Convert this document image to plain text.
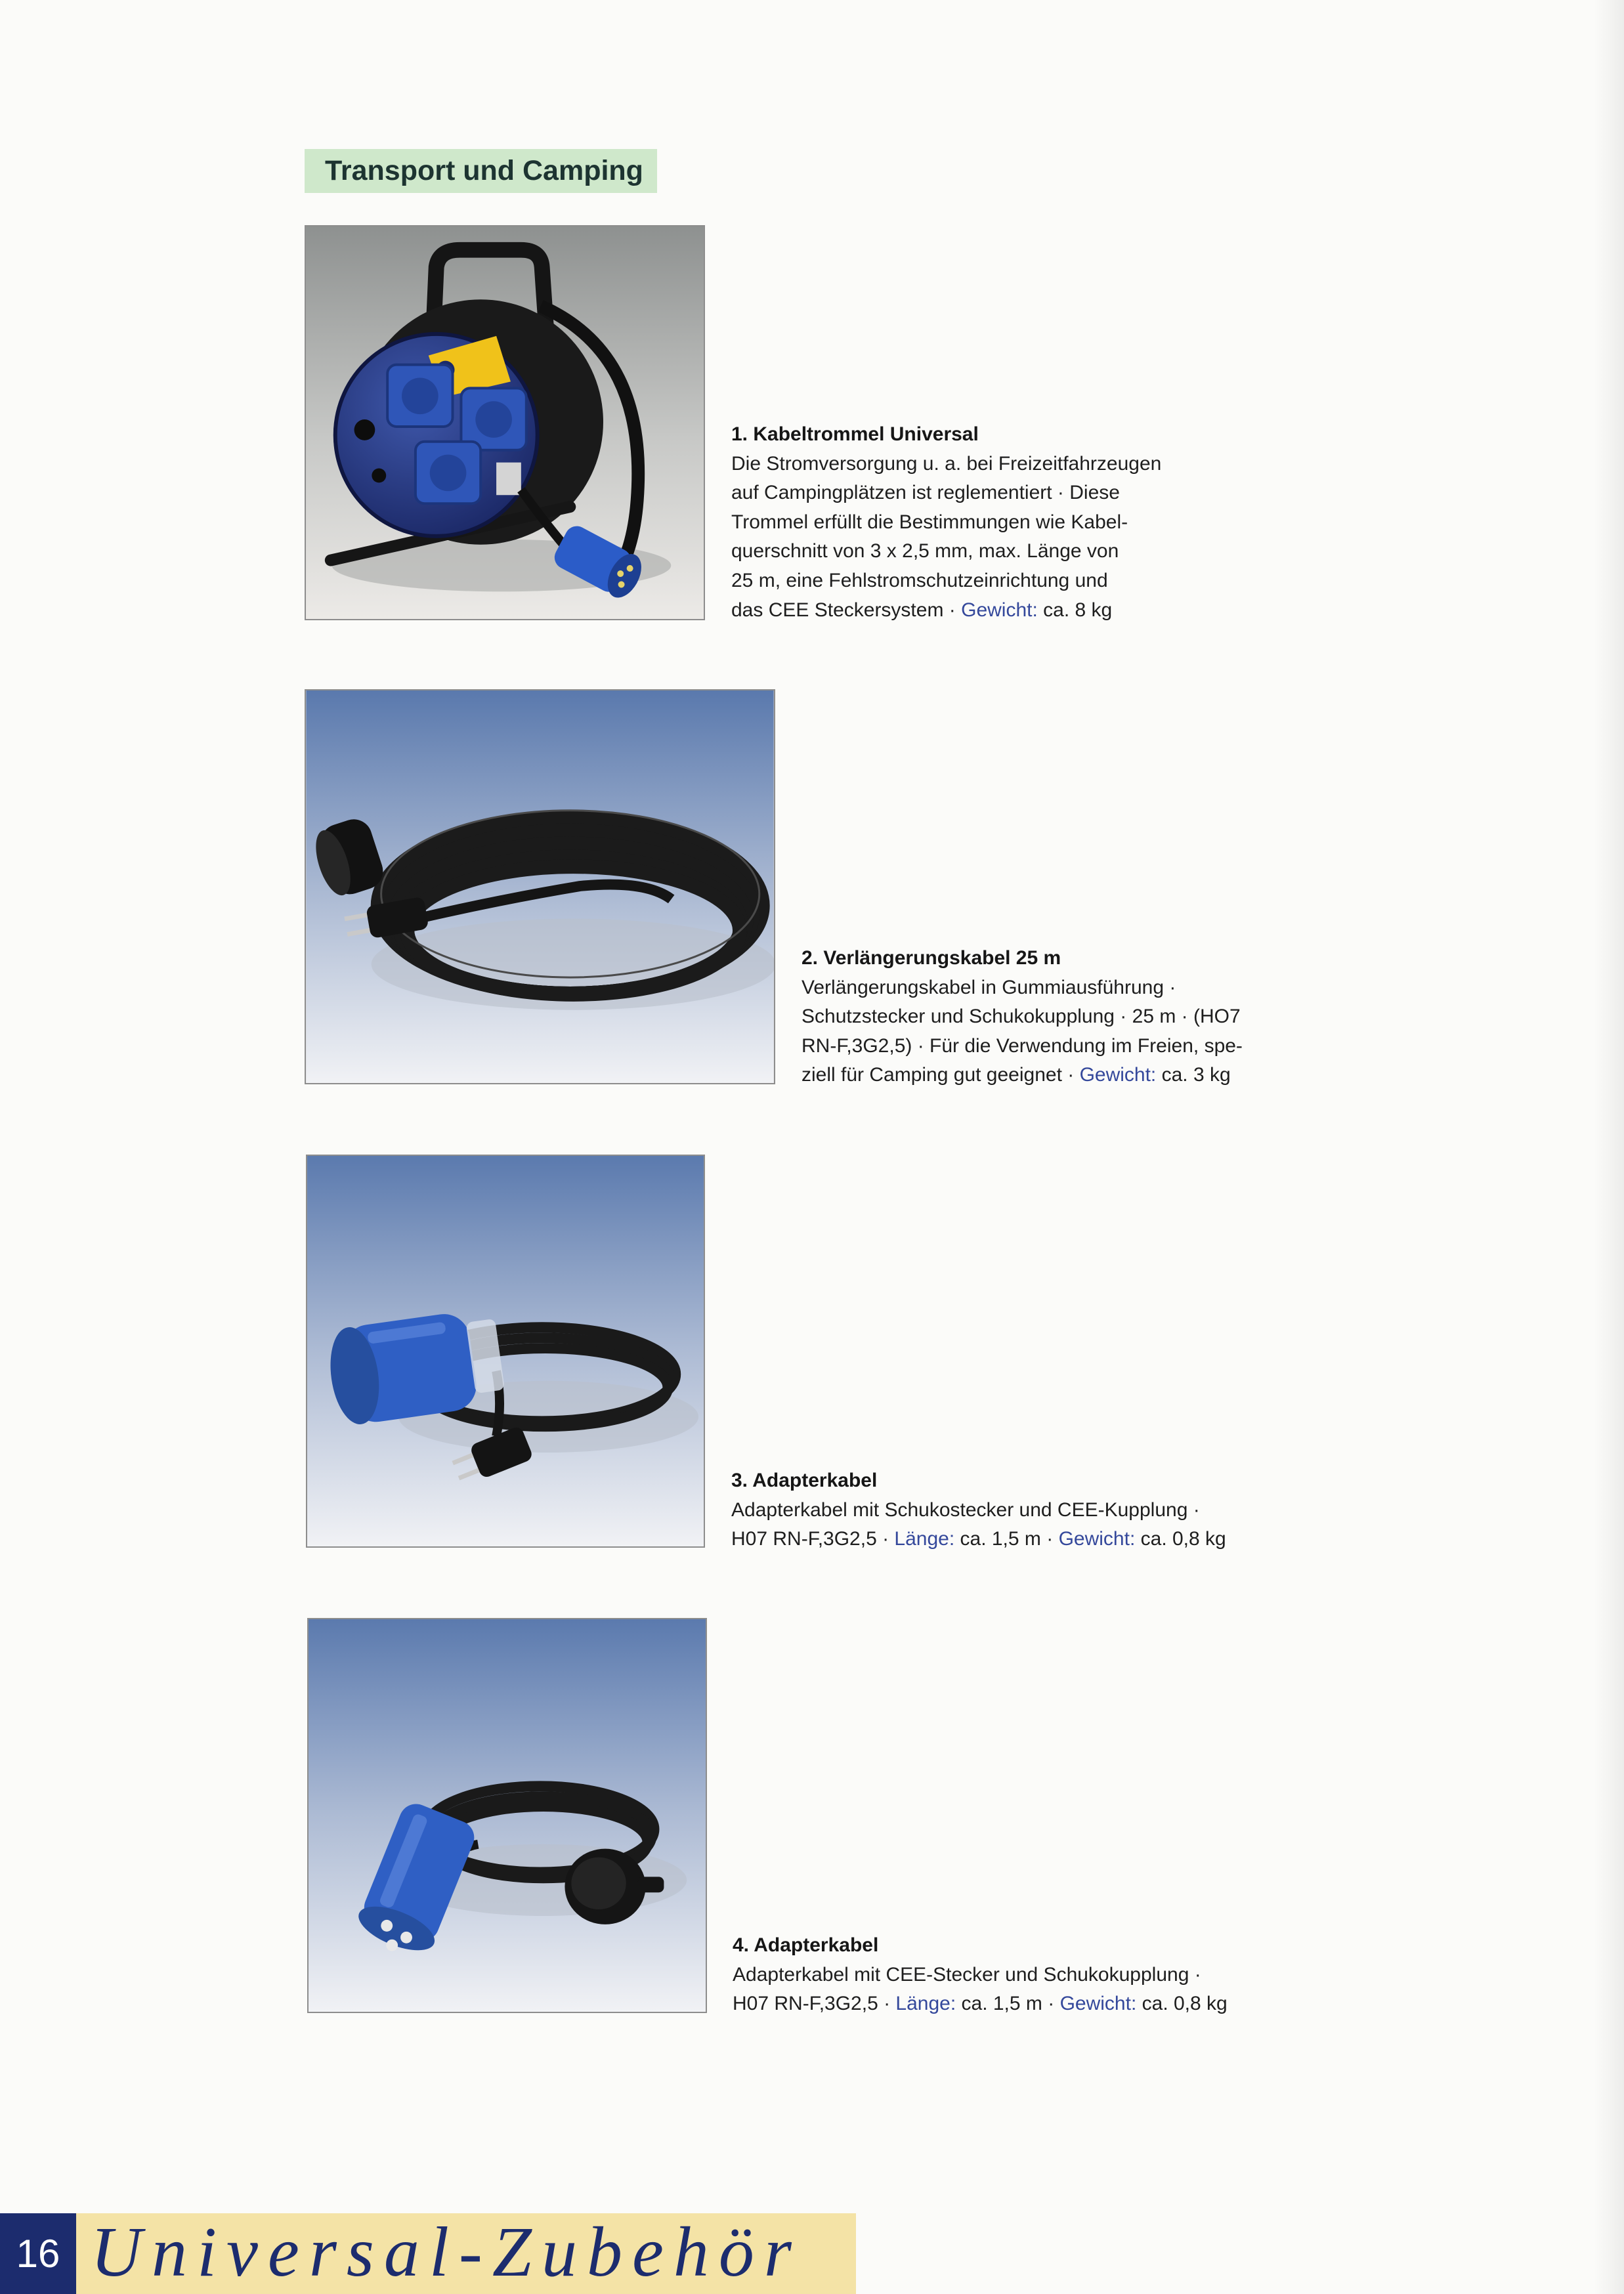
Transport und Camping
1. Kabeltrommel Universal
Die Stromversorgung u. a. bei Freizeitfahrzeugen
auf Campingplätzen ist reglementiert · Diese
Trommel erfüllt die Bestimmungen wie Kabel-
querschnitt von 3 x 2,5 mm, max. Länge von
25 m, eine Fehlstromschutzeinrichtung und
das CEE Steckersystem · Gewicht: ca. 8 kg
2. Verlängerungskabel 25 m
Verlängerungskabel in Gummiausführung ·
Schutzstecker und Schukokupplung · 25 m · (HO7
RN-F,3G2,5) · Für die Verwendung im Freien, spe-
ziell für Camping gut geeignet · Gewicht: ca. 3 kg
3. Adapterkabel
Adapterkabel mit Schukostecker und CEE-Kupplung ·
H07 RN-F,3G2,5 · Länge: ca. 1,5 m · Gewicht: ca. 0,8 kg
4. Adapterkabel
Adapterkabel mit CEE-Stecker und Schukokupplung ·
H07 RN-F,3G2,5 · Länge: ca. 1,5 m · Gewicht: ca. 0,8 kg
16 Universal-Zubehör
